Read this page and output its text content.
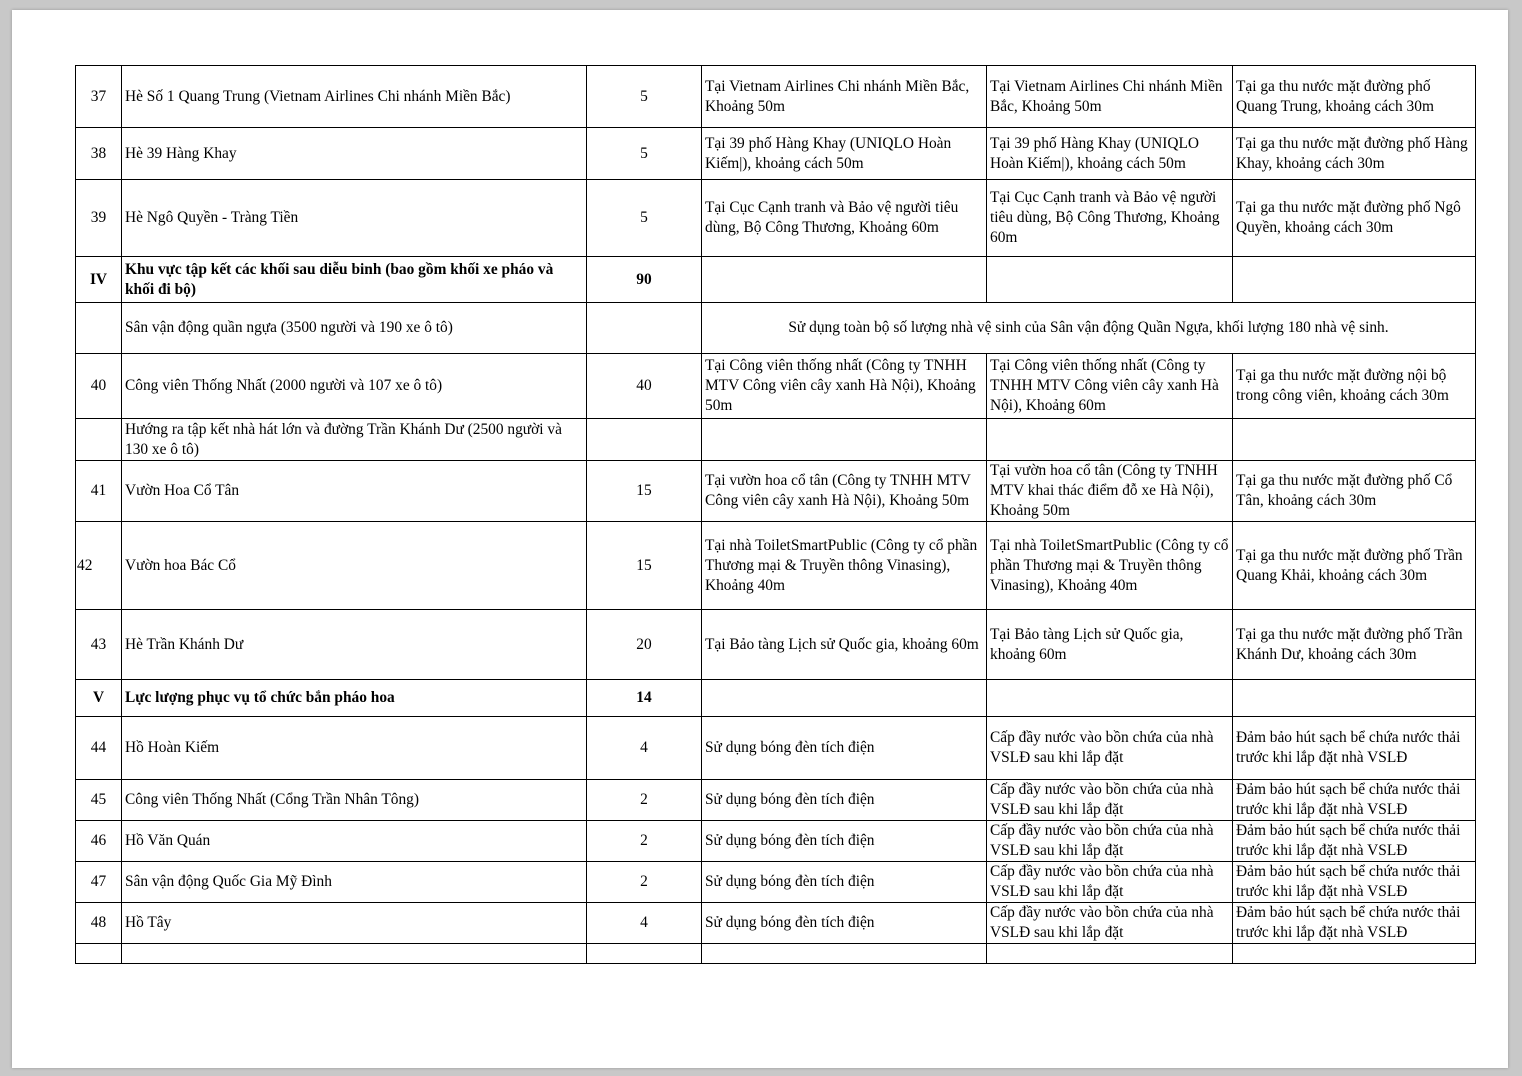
37	Hè Số 1 Quang Trung (Vietnam Airlines Chi nhánh Miền Bắc)	5	Tại Vietnam Airlines Chi nhánh Miền Bắc, Khoảng 50m	Tại Vietnam Airlines Chi nhánh Miền Bắc, Khoảng 50m	Tại ga thu nước mặt đường phố Quang Trung, khoảng cách 30m
38	Hè 39 Hàng Khay	5	Tại 39 phố Hàng Khay (UNIQLO Hoàn Kiếm|), khoảng cách 50m	Tại 39 phố Hàng Khay (UNIQLO Hoàn Kiếm|), khoảng cách 50m	Tại ga thu nước mặt đường phố Hàng Khay, khoảng cách 30m
39	Hè Ngô Quyền - Tràng Tiền	5	Tại Cục Cạnh tranh và Bảo vệ người tiêu dùng, Bộ Công Thương, Khoảng 60m	Tại Cục Cạnh tranh và Bảo vệ người tiêu dùng, Bộ Công Thương, Khoảng 60m	Tại ga thu nước mặt đường phố Ngô Quyền, khoảng cách 30m
IV	Khu vực tập kết các khối sau diễu binh (bao gồm khối xe pháo và khối đi bộ)	90			
	Sân vận động quần ngựa (3500 người và 190 xe ô tô)		Sử dụng toàn bộ số lượng nhà vệ sinh của Sân vận động Quần Ngựa, khối lượng 180 nhà vệ sinh.		
40	Công viên Thống Nhất (2000 người và 107 xe ô tô)	40	Tại Công viên thống nhất (Công ty TNHH MTV Công viên cây xanh Hà Nội), Khoảng 50m	Tại Công viên thống nhất (Công ty TNHH MTV Công viên cây xanh Hà Nội), Khoảng 60m	Tại ga thu nước mặt đường nội bộ trong công viên, khoảng cách 30m
	Hướng ra tập kết nhà hát lớn và đường Trần Khánh Dư (2500 người và 130 xe ô tô)				
41	Vườn Hoa Cổ Tân	15	Tại vườn hoa cổ tân (Công ty TNHH MTV Công viên cây xanh Hà Nội), Khoảng 50m	Tại vườn hoa cổ tân (Công ty TNHH MTV khai thác điểm đỗ xe Hà Nội), Khoảng 50m	Tại ga thu nước mặt đường phố Cổ Tân, khoảng cách 30m
42	Vườn hoa Bác Cổ	15	Tại nhà ToiletSmartPublic (Công ty cổ phần Thương mại & Truyền thông Vinasing), Khoảng 40m	Tại nhà ToiletSmartPublic (Công ty cổ phần Thương mại & Truyền thông Vinasing), Khoảng 40m	Tại ga thu nước mặt đường phố Trần Quang Khải, khoảng cách 30m
43	Hè Trần Khánh Dư	20	Tại Bảo tàng Lịch sử Quốc gia, khoảng 60m	Tại Bảo tàng Lịch sử Quốc gia, khoảng 60m	Tại ga thu nước mặt đường phố Trần Khánh Dư, khoảng cách 30m
V	Lực lượng phục vụ tổ chức bắn pháo hoa	14			
44	Hồ Hoàn Kiếm	4	Sử dụng bóng đèn tích điện	Cấp đầy nước vào bồn chứa của nhà VSLĐ sau khi lắp đặt	Đảm bảo hút sạch bể chứa nước thải trước khi lắp đặt nhà VSLĐ
45	Công viên Thống Nhất (Cổng Trần Nhân Tông)	2	Sử dụng bóng đèn tích điện	Cấp đầy nước vào bồn chứa của nhà VSLĐ sau khi lắp đặt	Đảm bảo hút sạch bể chứa nước thải trước khi lắp đặt nhà VSLĐ
46	Hồ Văn Quán	2	Sử dụng bóng đèn tích điện	Cấp đầy nước vào bồn chứa của nhà VSLĐ sau khi lắp đặt	Đảm bảo hút sạch bể chứa nước thải trước khi lắp đặt nhà VSLĐ
47	Sân vận động Quốc Gia Mỹ Đình	2	Sử dụng bóng đèn tích điện	Cấp đầy nước vào bồn chứa của nhà VSLĐ sau khi lắp đặt	Đảm bảo hút sạch bể chứa nước thải trước khi lắp đặt nhà VSLĐ
48	Hồ Tây	4	Sử dụng bóng đèn tích điện	Cấp đầy nước vào bồn chứa của nhà VSLĐ sau khi lắp đặt	Đảm bảo hút sạch bể chứa nước thải trước khi lắp đặt nhà VSLĐ
